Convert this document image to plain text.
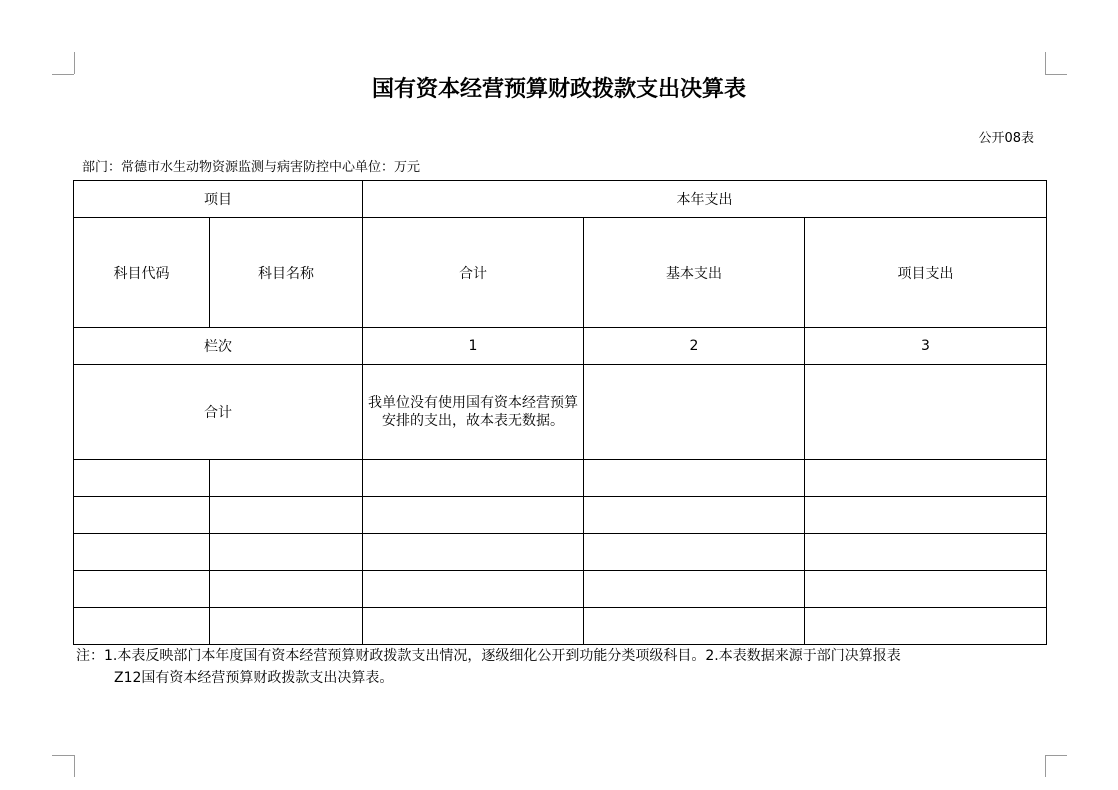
国有资本经营预算财政拨款支出决算表
公开08表
部门：常德市水生动物资源监测与病害防控中心单位：万元
项目		本年支出		
科目代码	科目名称	合计	基本支出	项目支出
栏次		1	2	3
合计		我单位没有使用国有资本经营预算安排的支出，故本表无数据。		

注：1.本表反映部门本年度国有资本经营预算财政拨款支出情况，逐级细化公开到功能分类项级科目。2.本表数据来源于部门决算报表
Z12国有资本经营预算财政拨款支出决算表。
